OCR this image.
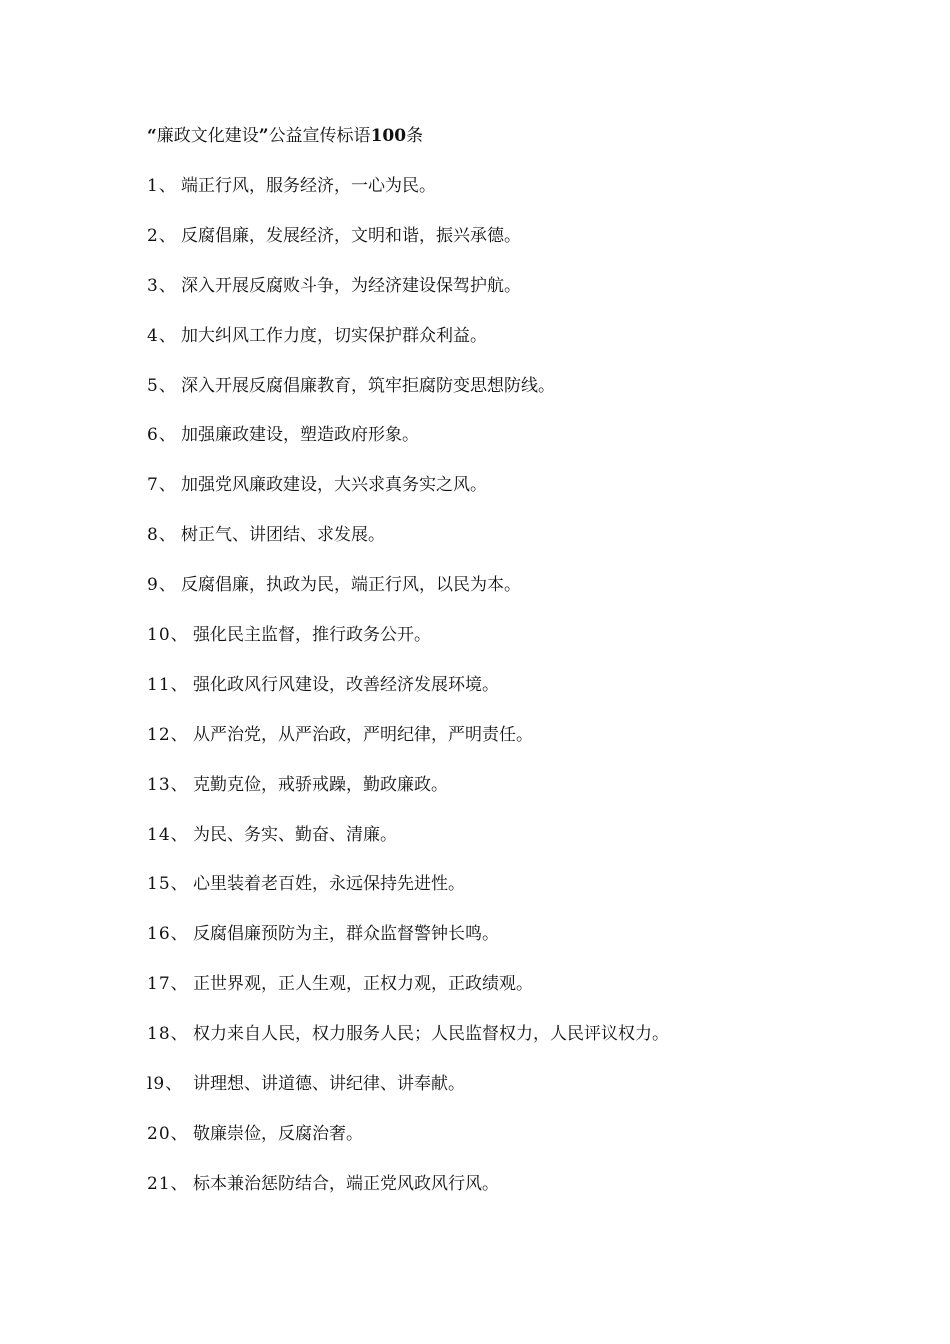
“廉政文化建设”公益宣传标语100条
1、 端正行风，服务经济，一心为民。
2、 反腐倡廉，发展经济，文明和谐，振兴承德。
3、 深入开展反腐败斗争，为经济建设保驾护航。
4、 加大纠风工作力度，切实保护群众利益。
5、 深入开展反腐倡廉教育，筑牢拒腐防变思想防线。
6、 加强廉政建设，塑造政府形象。
7、 加强党风廉政建设，大兴求真务实之风。
8、 树正气、讲团结、求发展。
9、 反腐倡廉，执政为民，端正行风，以民为本。
10、 强化民主监督，推行政务公开。
11、 强化政风行风建设，改善经济发展环境。
12、 从严治党，从严治政，严明纪律，严明责任。
13、 克勤克俭，戒骄戒躁，勤政廉政。
14、 为民、务实、勤奋、清廉。
15、 心里装着老百姓，永远保持先进性。
16、 反腐倡廉预防为主，群众监督警钟长鸣。
17、 正世界观，正人生观，正权力观，正政绩观。
18、 权力来自人民，权力服务人民；人民监督权力，人民评议权力。
l9、 讲理想、讲道德、讲纪律、讲奉献。
20、 敬廉崇俭，反腐治奢。
21、 标本兼治惩防结合，端正党风政风行风。
